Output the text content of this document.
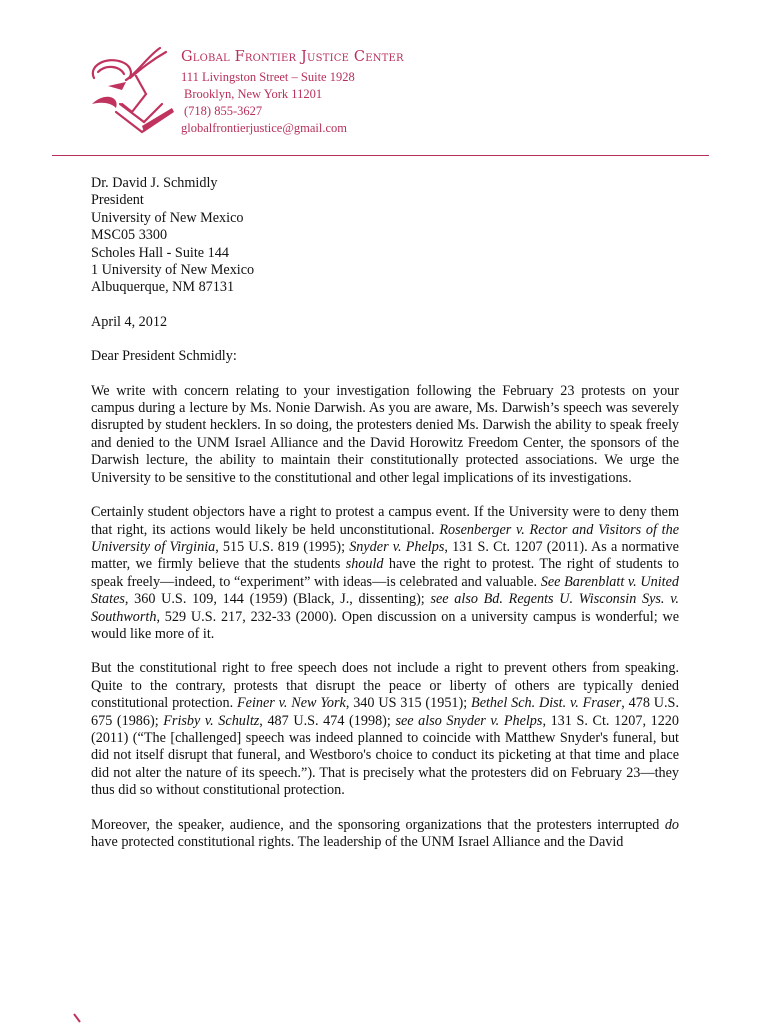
Global Frontier Justice Center
111 Livingston Street – Suite 1928
Brooklyn, New York 11201
(718) 855-3627
globalfrontierjustice@gmail.com
Dr. David J. Schmidly
President
University of New Mexico
MSC05 3300
Scholes Hall - Suite 144
1 University of New Mexico
Albuquerque, NM 87131
April 4, 2012
Dear President Schmidly:

We write with concern relating to your investigation following the February 23 protests on your campus during a lecture by Ms. Nonie Darwish. As you are aware, Ms. Darwish’s speech was severely disrupted by student hecklers. In so doing, the protesters denied Ms. Darwish the ability to speak freely and denied to the UNM Israel Alliance and the David Horowitz Freedom Center, the sponsors of the Darwish lecture, the ability to maintain their constitutionally protected associations. We urge the University to be sensitive to the constitutional and other legal implications of its investigations.

Certainly student objectors have a right to protest a campus event. If the University were to deny them that right, its actions would likely be held unconstitutional. Rosenberger v. Rector and Visitors of the University of Virginia, 515 U.S. 819 (1995); Snyder v. Phelps, 131 S. Ct. 1207 (2011). As a normative matter, we firmly believe that the students should have the right to protest. The right of students to speak freely—indeed, to “experiment” with ideas—is celebrated and valuable. See Barenblatt v. United States, 360 U.S. 109, 144 (1959) (Black, J., dissenting); see also Bd. Regents U. Wisconsin Sys. v. Southworth, 529 U.S. 217, 232-33 (2000). Open discussion on a university campus is wonderful; we would like more of it.

But the constitutional right to free speech does not include a right to prevent others from speaking. Quite to the contrary, protests that disrupt the peace or liberty of others are typically denied constitutional protection. Feiner v. New York, 340 US 315 (1951); Bethel Sch. Dist. v. Fraser, 478 U.S. 675 (1986); Frisby v. Schultz, 487 U.S. 474 (1998); see also Snyder v. Phelps, 131 S. Ct. 1207, 1220 (2011) (“The [challenged] speech was indeed planned to coincide with Matthew Snyder's funeral, but did not itself disrupt that funeral, and Westboro's choice to conduct its picketing at that time and place did not alter the nature of its speech.”). That is precisely what the protesters did on February 23—they thus did so without constitutional protection.

Moreover, the speaker, audience, and the sponsoring organizations that the protesters interrupted do have protected constitutional rights. The leadership of the UNM Israel Alliance and the David
